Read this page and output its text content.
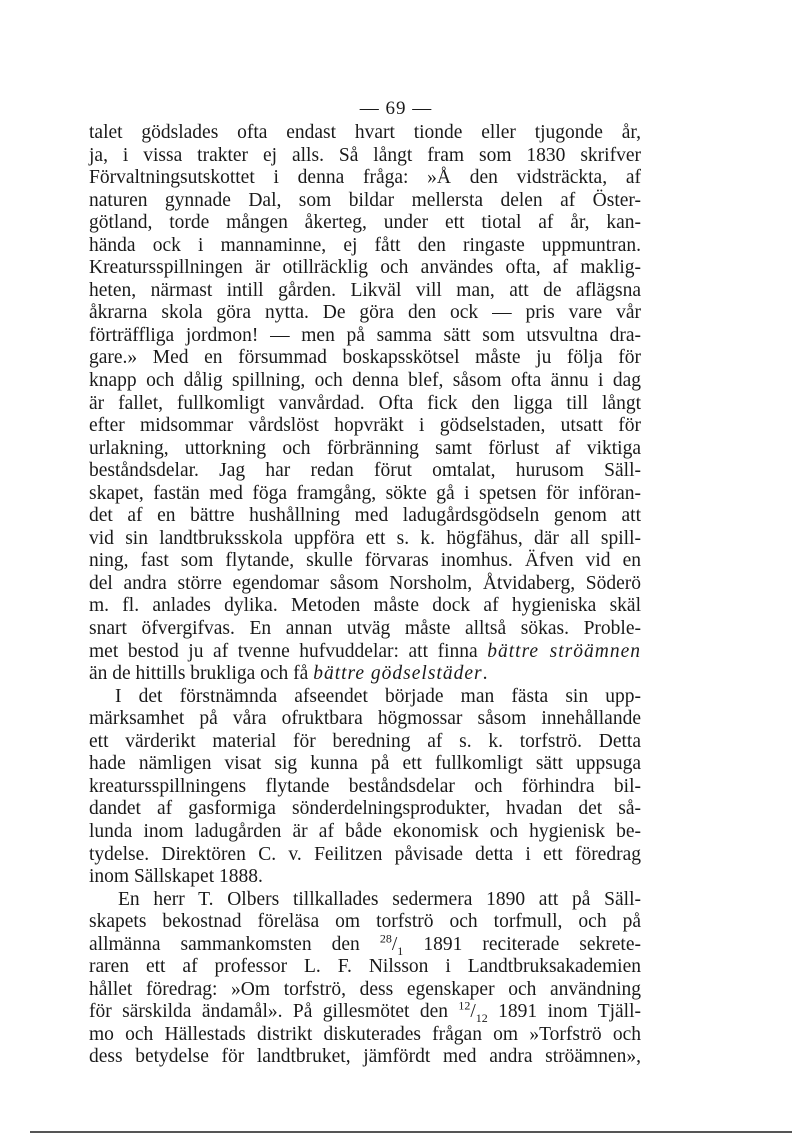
— 69 —
talet gödslades ofta endast hvart tionde eller tjugonde år,
ja, i vissa trakter ej alls. Så långt fram som 1830 skrifver
Förvaltningsutskottet i denna fråga: »Å den vidsträckta, af
naturen gynnade Dal, som bildar mellersta delen af Öster-
götland, torde mången åkerteg, under ett tiotal af år, kan-
hända ock i mannaminne, ej fått den ringaste uppmuntran.
Kreatursspillningen är otillräcklig och användes ofta, af maklig-
heten, närmast intill gården. Likväl vill man, att de aflägsna
åkrarna skola göra nytta. De göra den ock — pris vare vår
förträffliga jordmon! — men på samma sätt som utsvultna dra-
gare.» Med en försummad boskapsskötsel måste ju följa för
knapp och dålig spillning, och denna blef, såsom ofta ännu i dag
är fallet, fullkomligt vanvårdad. Ofta fick den ligga till långt
efter midsommar vårdslöst hopvräkt i gödselstaden, utsatt för
urlakning, uttorkning och förbränning samt förlust af viktiga
beståndsdelar. Jag har redan förut omtalat, hurusom Säll-
skapet, fastän med föga framgång, sökte gå i spetsen för införan-
det af en bättre hushållning med ladugårdsgödseln genom att
vid sin landtbruksskola uppföra ett s. k. högfähus, där all spill-
ning, fast som flytande, skulle förvaras inomhus. Äfven vid en
del andra större egendomar såsom Norsholm, Åtvidaberg, Söderö
m. fl. anlades dylika. Metoden måste dock af hygieniska skäl
snart öfvergifvas. En annan utväg måste alltså sökas. Proble-
met bestod ju af tvenne hufvuddelar: att finna bättre ströämnen
än de hittills brukliga och få bättre gödselstäder.
I det förstnämnda afseendet började man fästa sin upp-
märksamhet på våra ofruktbara högmossar såsom innehållande
ett värderikt material för beredning af s. k. torfströ. Detta
hade nämligen visat sig kunna på ett fullkomligt sätt uppsuga
kreatursspillningens flytande beståndsdelar och förhindra bil-
dandet af gasformiga sönderdelningsprodukter, hvadan det så-
lunda inom ladugården är af både ekonomisk och hygienisk be-
tydelse. Direktören C. v. Feilitzen påvisade detta i ett föredrag
inom Sällskapet 1888.
En herr T. Olbers tillkallades sedermera 1890 att på Säll-
skapets bekostnad föreläsa om torfströ och torfmull, och på
allmänna sammankomsten den $^{28}/_1$ 1891 reciterade sekrete-
raren ett af professor L. F. Nilsson i Landtbruksakademien
hållet föredrag: »Om torfströ, dess egenskaper och användning
för särskilda ändamål». På gillesmötet den $^{12}/_{12}$ 1891 inom Tjäll-
mo och Hällestads distrikt diskuterades frågan om »Torfströ och
dess betydelse för landtbruket, jämfördt med andra ströämnen»,
